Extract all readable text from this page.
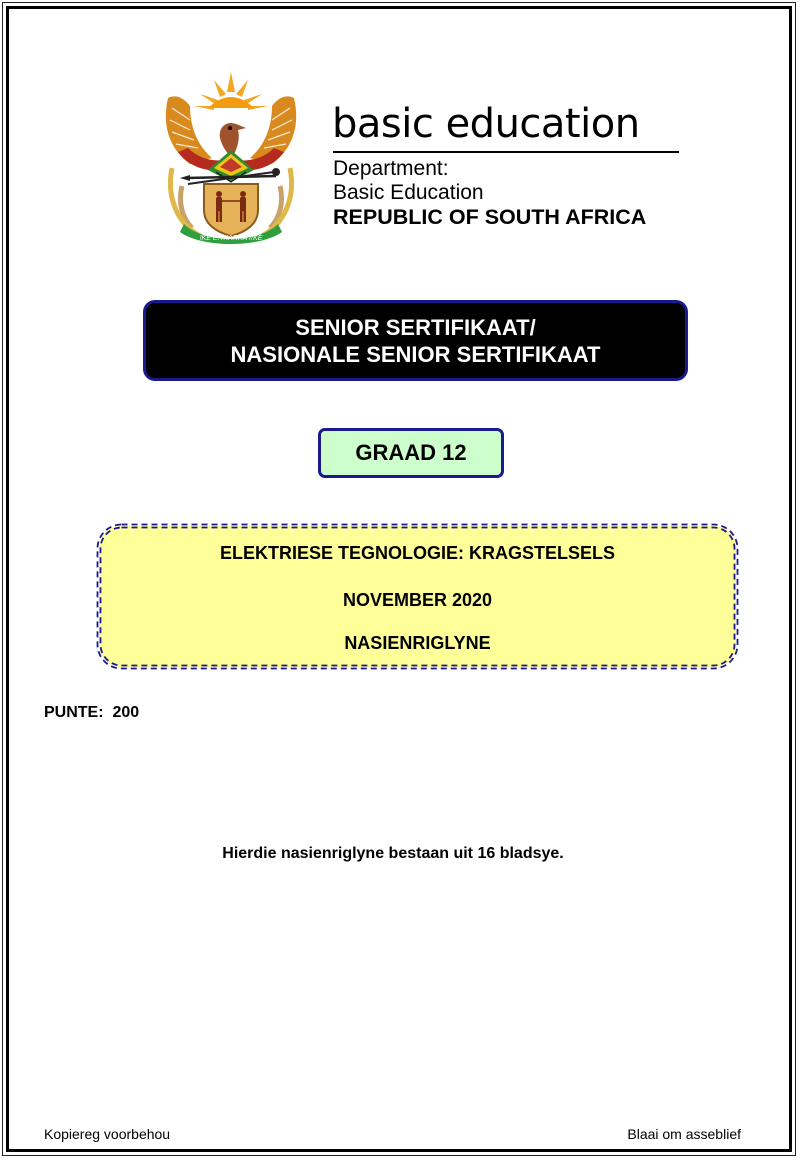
!KE E: /XARRA //KE
basic education
Department:
Basic Education
REPUBLIC OF SOUTH AFRICA
SENIOR SERTIFIKAAT/
NASIONALE SENIOR SERTIFIKAAT
GRAAD 12
ELEKTRIESE TEGNOLOGIE: KRAGSTELSELS
NOVEMBER 2020
NASIENRIGLYNE
PUNTE:  200
Hierdie nasienriglyne bestaan uit 16 bladsye.
Kopiereg voorbehou	Blaai om asseblief
